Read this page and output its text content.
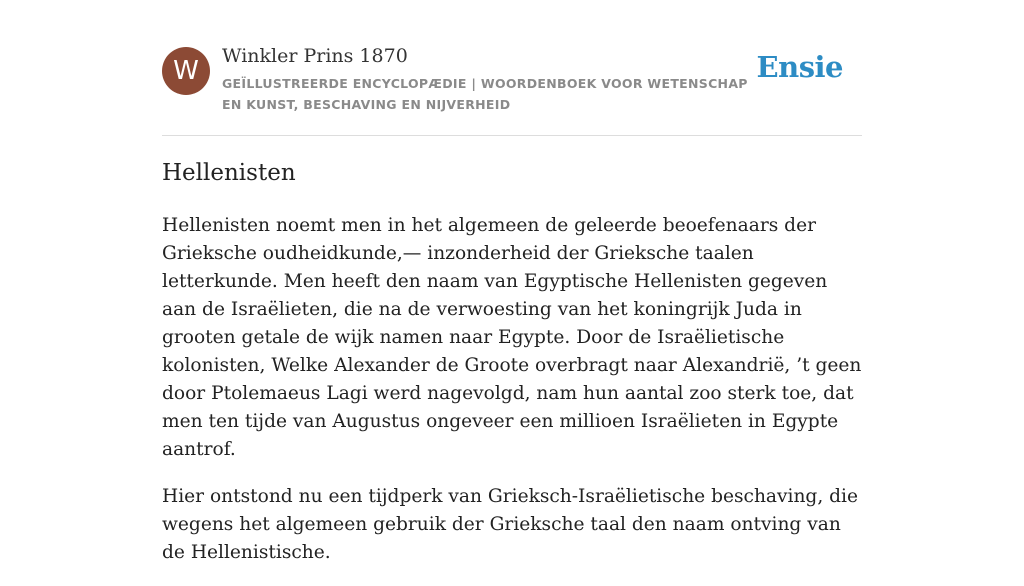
W	Winkler Prins 1870
GEÏLLUSTREERDE ENCYCLOPÆDIE | WOORDENBOEK VOOR WETENSCHAP EN KUNST, BESCHAVING EN NIJVERHEID
Ensie
Hellenisten

Hellenisten noemt men in het algemeen de geleerde beoefenaars der Grieksche oudheidkunde,— inzonderheid der Grieksche taalen letterkunde. Men heeft den naam van Egyptische Hellenisten gegeven aan de Israëlieten, die na de verwoesting van het koningrijk Juda in grooten getale de wijk namen naar Egypte. Door de Israëlietische kolonisten, Welke Alexander de Groote overbragt naar Alexandrië, ’t geen door Ptolemaeus Lagi werd nagevolgd, nam hun aantal zoo sterk toe, dat men ten tijde van Augustus ongeveer een millioen Israëlieten in Egypte aantrof.

Hier ontstond nu een tijdperk van Grieksch-Israëlietische beschaving, die wegens het algemeen gebruik der Grieksche taal den naam ontving van de Hellenistische.
